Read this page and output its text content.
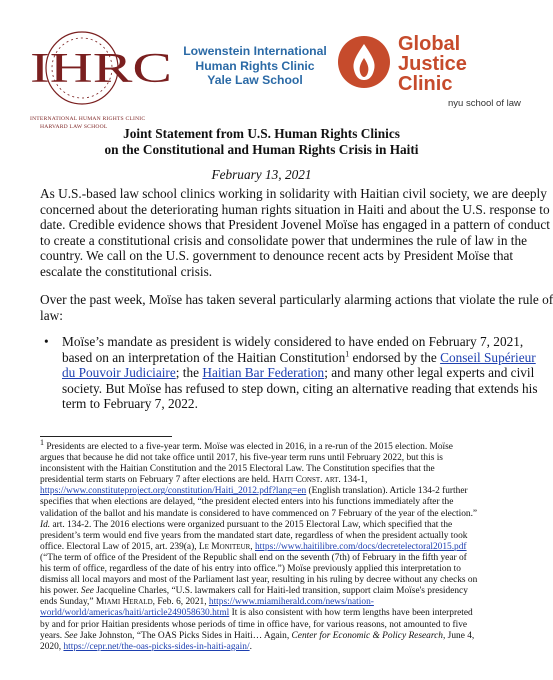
IHRC
INTERNATIONAL HUMAN RIGHTS CLINIC
HARVARD LAW SCHOOL
Lowenstein International
Human Rights Clinic
Yale Law School
Global
Justice
Clinic
nyu school of law
Joint Statement from U.S. Human Rights Clinics
on the Constitutional and Human Rights Crisis in Haiti
February 13, 2021
As U.S.-based law school clinics working in solidarity with Haitian civil society, we are deeply
concerned about the deteriorating human rights situation in Haiti and about the U.S. response to
date. Credible evidence shows that President Jovenel Moïse has engaged in a pattern of conduct
to create a constitutional crisis and consolidate power that undermines the rule of law in the
country. We call on the U.S. government to denounce recent acts by President Moïse that
escalate the constitutional crisis.
Over the past week, Moïse has taken several particularly alarming actions that violate the rule of
law:
• Moïse’s mandate as president is widely considered to have ended on February 7, 2021,
based on an interpretation of the Haitian Constitution$^1$ endorsed by the Conseil Supérieur
du Pouvoir Judiciaire; the Haitian Bar Federation; and many other legal experts and civil
society. But Moïse has refused to step down, citing an alternative reading that extends his
term to February 7, 2022.
$^1$ Presidents are elected to a five-year term. Moïse was elected in 2016, in a re-run of the 2015 election. Moïse
argues that because he did not take office until 2017, his five-year term runs until February 2022, but this is
inconsistent with the Haitian Constitution and the 2015 Electoral Law. The Constitution specifies that the
presidential term starts on February 7 after elections are held. Haiti Const. art. 134-1,
https://www.constituteproject.org/constitution/Haiti_2012.pdf?lang=en (English translation). Article 134-2 further
specifies that when elections are delayed, “the president elected enters into his functions immediately after the
validation of the ballot and his mandate is considered to have commenced on 7 February of the year of the election.”
Id. art. 134-2. The 2016 elections were organized pursuant to the 2015 Electoral Law, which specified that the
president’s term would end five years from the mandated start date, regardless of when the president actually took
office. Electoral Law of 2015, art. 239(a), Le Moniteur, https://www.haitilibre.com/docs/decretelectoral2015.pdf
(“The term of office of the President of the Republic shall end on the seventh (7th) of February in the fifth year of
his term of office, regardless of the date of his entry into office.”) Moïse previously applied this interpretation to
dismiss all local mayors and most of the Parliament last year, resulting in his ruling by decree without any checks on
his power. See Jacqueline Charles, “U.S. lawmakers call for Haiti-led transition, support claim Moïse's presidency
ends Sunday,” Miami Herald, Feb. 6, 2021, https://www.miamiherald.com/news/nation-
world/world/americas/haiti/article249058630.html It is also consistent with how term lengths have been interpreted
by and for prior Haitian presidents whose periods of time in office have, for various reasons, not amounted to five
years. See Jake Johnston, “The OAS Picks Sides in Haiti… Again, Center for Economic & Policy Research, June 4,
2020, https://cepr.net/the-oas-picks-sides-in-haiti-again/.
